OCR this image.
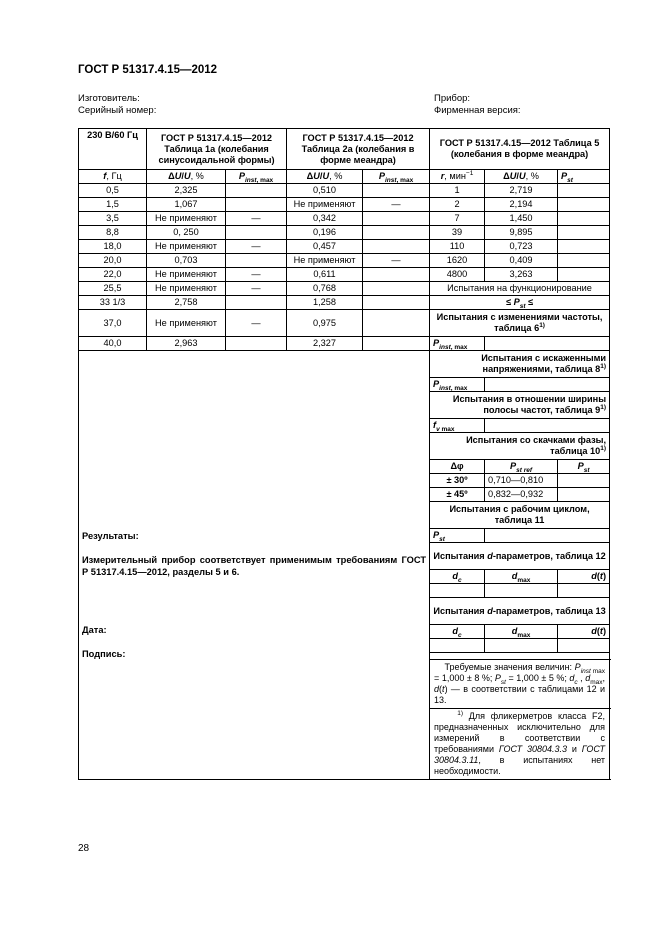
ГОСТ Р 51317.4.15—2012
Изготовитель:
Серийный номер:
Прибор:
Фирменная версия:
230 В/60 Гц	ГОСТ Р 51317.4.15—2012 Таблица 1а (колебания синусоидальной формы)		ГОСТ Р 51317.4.15—2012 Таблица 2а (колебания в форме меандра)		ГОСТ Р 51317.4.15—2012 Таблица 5 (колебания в форме меандра)		
f, Гц	ΔU/U, %	$P_{inst, max}$	ΔU/U, %	$P_{inst, max}$	r, мин$^{-1}$	ΔU/U, %	$P_{st}$
0,5	2,325		0,510		1	2,719	
1,5	1,067		Не применяют	—	2	2,194	
3,5	Не применяют	—	0,342		7	1,450	
8,8	0, 250		0,196		39	9,895	
18,0	Не применяют	—	0,457		110	0,723	
20,0	0,703		Не применяют	—	1620	0,409	
22,0	Не применяют	—	0,611		4800	3,263	
25,5	Не применяют	—	0,768		Испытания на функционирование		
33 1/3	2,758		1,258		≤ $P_{st}$ ≤		
37,0	Не применяют	—	0,975		Испытания с изменениями частоты, таблица 6$^{1)}$
40,0	2,963		2,327		$P_{inst, max}$	

Результаты:
Измерительный прибор соответствует применимым требованиям ГОСТ Р 51317.4.15—2012, разделы 5 и 6.
Дата:
Подпись:					Испытания с искаженными напряжениями, таблица 8$^{1)}$
					$P_{inst, max}$	
					Испытания в отношении ширины полосы частот, таблица 9$^{1)}$
					$f_{v max}$	
					Испытания со скачками фазы, таблица 10$^{1)}$
					Δφ	$P_{st ref}$	$P_{st}$
					± 30º	0,710—0,810	
					± 45º	0,832—0,932	
					Испытания с рабочим циклом, таблица 11		
					$P_{st}$	
					Испытания d-параметров, таблица 12		
					$d_c$	$d_{max}$	d(t)

					Испытания d-параметров, таблица 13		
					$d_c$	$d_{max}$	d(t)

					Требуемые значения величин: $P_{inst max} = 1,000 \pm 8$ %; $P_{st} = 1,000 \pm 5$ %; $d_c$ , $d_{max}$, d(t) — в соответствии с таблицами 12 и 13.		
					$^{1)}$ Для фликерметров класса F2, предназначенных исключительно для измерений в соответствии с требованиями ГОСТ 30804.3.3 и ГОСТ 30804.3.11, в испытаниях нет необходимости.		
28
